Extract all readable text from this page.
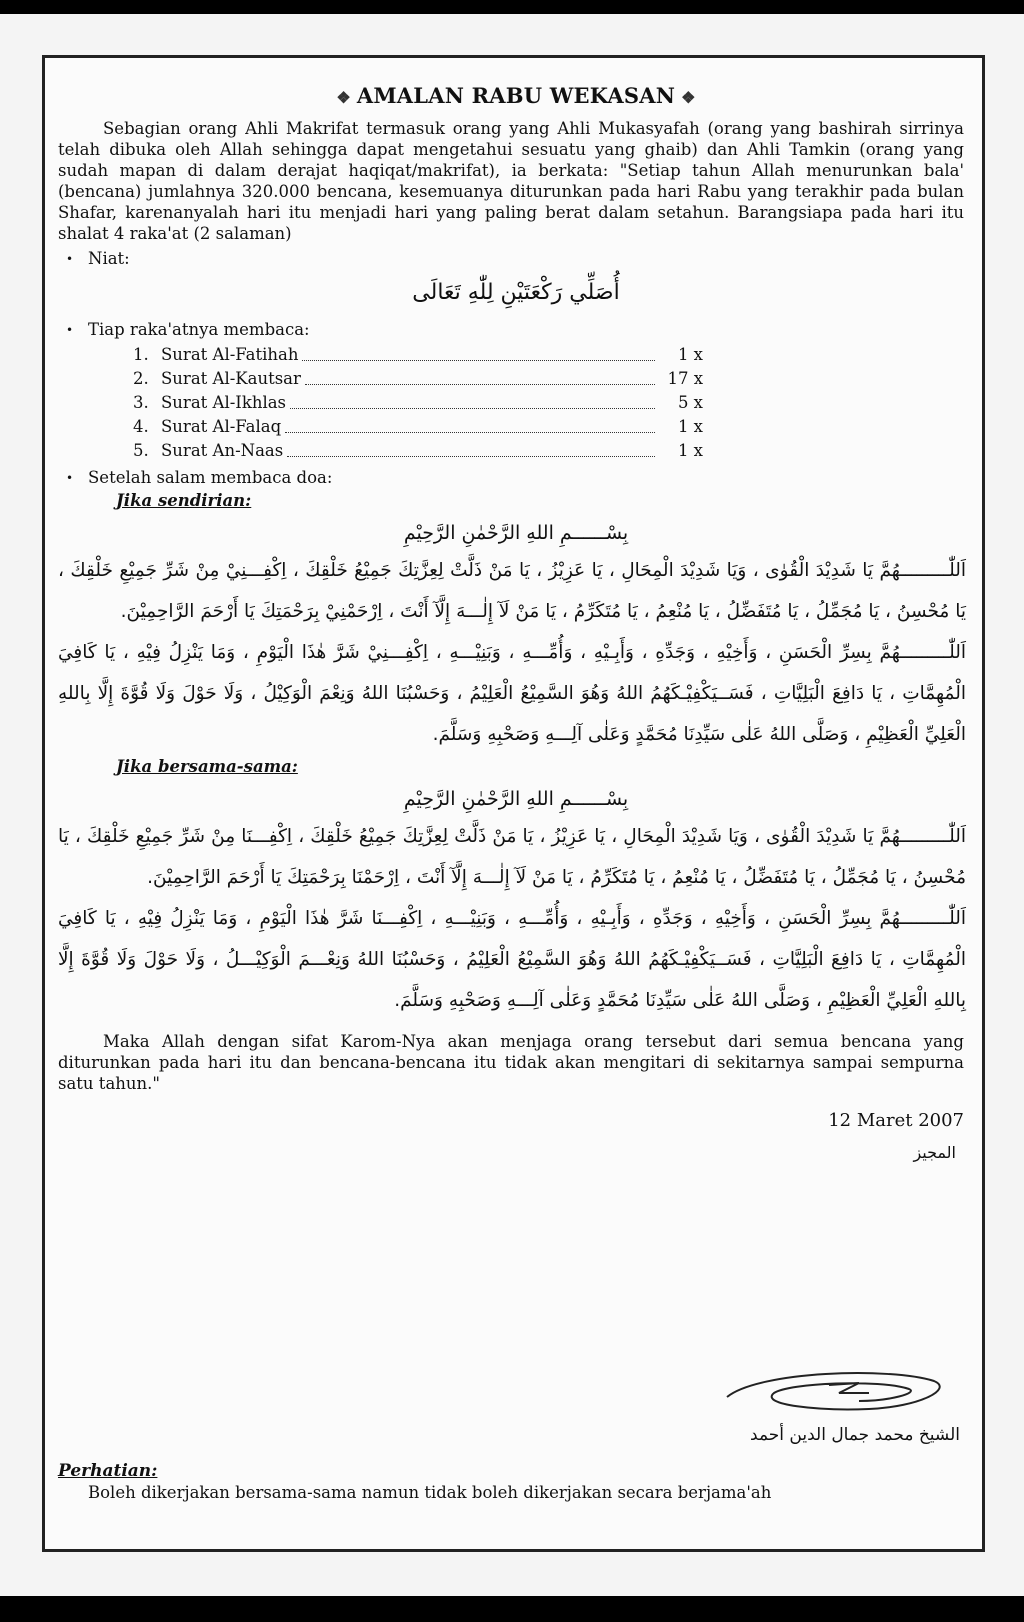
❖ AMALAN RABU WEKASAN ❖

Sebagian orang Ahli Makrifat termasuk orang yang Ahli Mukasyafah (orang yang bashirah sirrinya telah dibuka oleh Allah sehingga dapat mengetahui sesuatu yang ghaib) dan Ahli Tamkin (orang yang sudah mapan di dalam derajat haqiqat/makrifat), ia berkata: "Setiap tahun Allah menurunkan bala' (bencana) jumlahnya 320.000 bencana, kesemuanya diturunkan pada hari Rabu yang terakhir pada bulan Shafar, karenanyalah hari itu menjadi hari yang paling berat dalam setahun. Barangsiapa pada hari itu shalat 4 raka'at (2 salaman)

• Niat:
أُصَلِّي رَكْعَتَيْنِ لِلّٰهِ تَعَالَى
• Tiap raka'atnya membaca:
1. Surat Al-Fatihah	1 x
2. Surat Al-Kautsar	17 x
3. Surat Al-Ikhlas	5 x
4. Surat Al-Falaq	1 x
5. Surat An-Naas	1 x
• Setelah salam membaca doa:
Jika sendirian:
بِسْــــــمِ اللهِ الرَّحْمٰنِ الرَّحِيْمِ

اَللّٰـــــــــهُمَّ يَا شَدِيْدَ الْقُوٰى ، وَيَا شَدِيْدَ الْمِحَالِ ، يَا عَزِيْزُ ، يَا مَنْ ذَلَّتْ لِعِزَّتِكَ جَمِيْعُ خَلْقِكَ ، اِكْفِـــنِيْ مِنْ شَرِّ جَمِيْعِ خَلْقِكَ ، يَا مُحْسِنُ ، يَا مُجَمِّلُ ، يَا مُتَفَضِّلُ ، يَا مُنْعِمُ ، يَا مُتَكَرِّمُ ، يَا مَنْ لَآ إِلٰـــهَ إِلَّآ أَنْتَ ، اِرْحَمْنِيْ بِرَحْمَتِكَ يَا أَرْحَمَ الرَّاحِمِيْنَ.

اَللّٰـــــــــهُمَّ بِسِرِّ الْحَسَنِ ، وَأَخِيْهِ ، وَجَدِّهِ ، وَأَبِـيْهِ ، وَأُمِّـــهِ ، وَبَنِيْـــهِ ، اِكْفِـــنِيْ شَرَّ هٰذَا الْيَوْمِ ، وَمَا يَنْزِلُ فِيْهِ ، يَا كَافِيَ الْمُهِمَّاتِ ، يَا دَافِعَ الْبَلِيَّاتِ ، فَسَــيَكْفِيْـكَهُمُ اللهُ وَهُوَ السَّمِيْعُ الْعَلِيْمُ ، وَحَسْبُنَا اللهُ وَنِعْمَ الْوَكِيْلُ ، وَلَا حَوْلَ وَلَا قُوَّةَ إِلَّا بِاللهِ الْعَلِيِّ الْعَظِيْمِ ، وَصَلَّى اللهُ عَلٰى سَيِّدِنَا مُحَمَّدٍ وَعَلٰى آلِـــهِ وَصَحْبِهِ وَسَلَّمَ.

Jika bersama-sama:
بِسْــــــمِ اللهِ الرَّحْمٰنِ الرَّحِيْمِ

اَللّٰـــــــــهُمَّ يَا شَدِيْدَ الْقُوٰى ، وَيَا شَدِيْدَ الْمِحَالِ ، يَا عَزِيْزُ ، يَا مَنْ ذَلَّتْ لِعِزَّتِكَ جَمِيْعُ خَلْقِكَ ، اِكْفِـــنَا مِنْ شَرِّ جَمِيْعِ خَلْقِكَ ، يَا مُحْسِنُ ، يَا مُجَمِّلُ ، يَا مُتَفَضِّلُ ، يَا مُنْعِمُ ، يَا مُتَكَرِّمُ ، يَا مَنْ لَآ إِلٰـــهَ إِلَّآ أَنْتَ ، اِرْحَمْنَا بِرَحْمَتِكَ يَا أَرْحَمَ الرَّاحِمِيْنَ.

اَللّٰـــــــــهُمَّ بِسِرِّ الْحَسَنِ ، وَأَخِيْهِ ، وَجَدِّهِ ، وَأَبِـيْهِ ، وَأُمِّـــهِ ، وَبَنِيْـــهِ ، اِكْفِـــنَا شَرَّ هٰذَا الْيَوْمِ ، وَمَا يَنْزِلُ فِيْهِ ، يَا كَافِيَ الْمُهِمَّاتِ ، يَا دَافِعَ الْبَلِيَّاتِ ، فَسَــيَكْفِيْـكَهُمُ اللهُ وَهُوَ السَّمِيْعُ الْعَلِيْمُ ، وَحَسْبُنَا اللهُ وَنِعْـــمَ الْوَكِيْـــلُ ، وَلَا حَوْلَ وَلَا قُوَّةَ إِلَّا بِاللهِ الْعَلِيِّ الْعَظِيْمِ ، وَصَلَّى اللهُ عَلٰى سَيِّدِنَا مُحَمَّدٍ وَعَلٰى آلِـــهِ وَصَحْبِهِ وَسَلَّمَ.

Maka Allah dengan sifat Karom-Nya akan menjaga orang tersebut dari semua bencana yang diturunkan pada hari itu dan bencana-bencana itu tidak akan mengitari di sekitarnya sampai sempurna satu tahun."

12 Maret 2007
المجيز
الشيخ محمد جمال الدين أحمد
Perhatian:
Boleh dikerjakan bersama-sama namun tidak boleh dikerjakan secara berjama'ah
